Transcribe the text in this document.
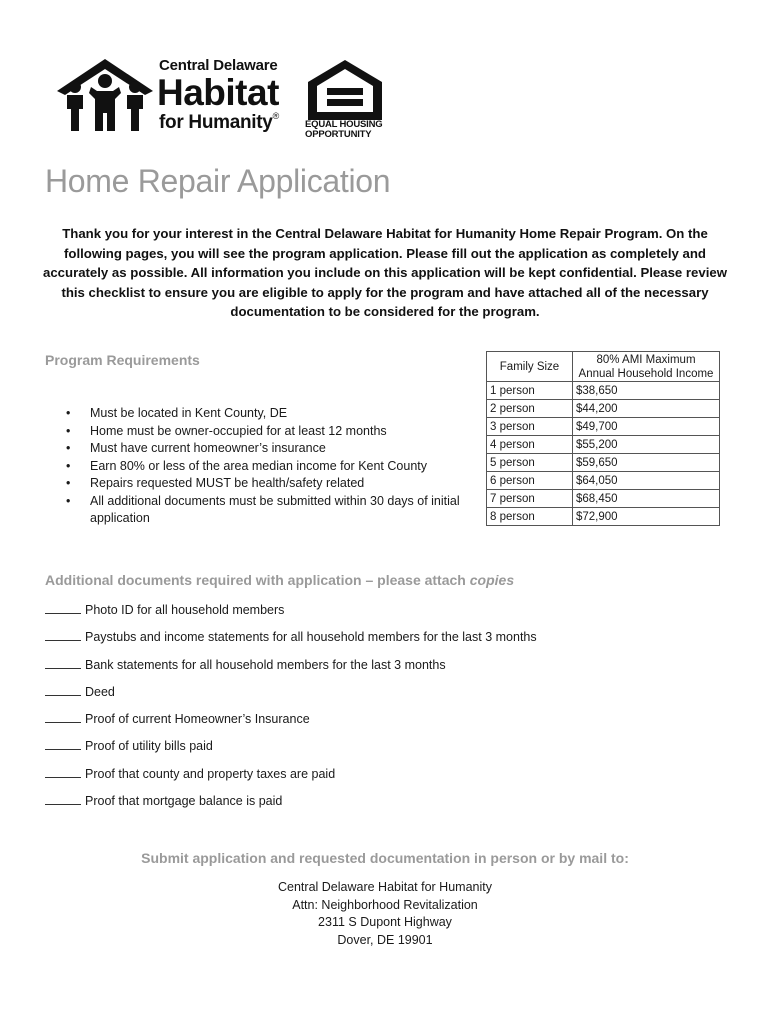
Central Delaware
Habitat
for Humanity®
EQUAL HOUSING
OPPORTUNITY
Home Repair Application

Thank you for your interest in the Central Delaware Habitat for Humanity Home Repair Program. On the following pages, you will see the program application. Please fill out the application as completely and accurately as possible. All information you include on this application will be kept confidential. Please review this checklist to ensure you are eligible to apply for the program and have attached all of the necessary documentation to be considered for the program.

Program Requirements
• Must be located in Kent County, DE
• Home must be owner-occupied for at least 12 months
• Must have current homeowner’s insurance
• Earn 80% or less of the area median income for Kent County
• Repairs requested MUST be health/safety related
• All additional documents must be submitted within 30 days of initial application
Family Size	80% AMI Maximum
Annual Household Income

1 person	$38,650
2 person	$44,200
3 person	$49,700
4 person	$55,200
5 person	$59,650
6 person	$64,050
7 person	$68,450
8 person	$72,900
Additional documents required with application – please attach copies
Photo ID for all household members
Paystubs and income statements for all household members for the last 3 months
Bank statements for all household members for the last 3 months
Deed
Proof of current Homeowner’s Insurance
Proof of utility bills paid
Proof that county and property taxes are paid
Proof that mortgage balance is paid
Submit application and requested documentation in person or by mail to:
Central Delaware Habitat for Humanity
Attn: Neighborhood Revitalization
2311 S Dupont Highway
Dover, DE 19901
